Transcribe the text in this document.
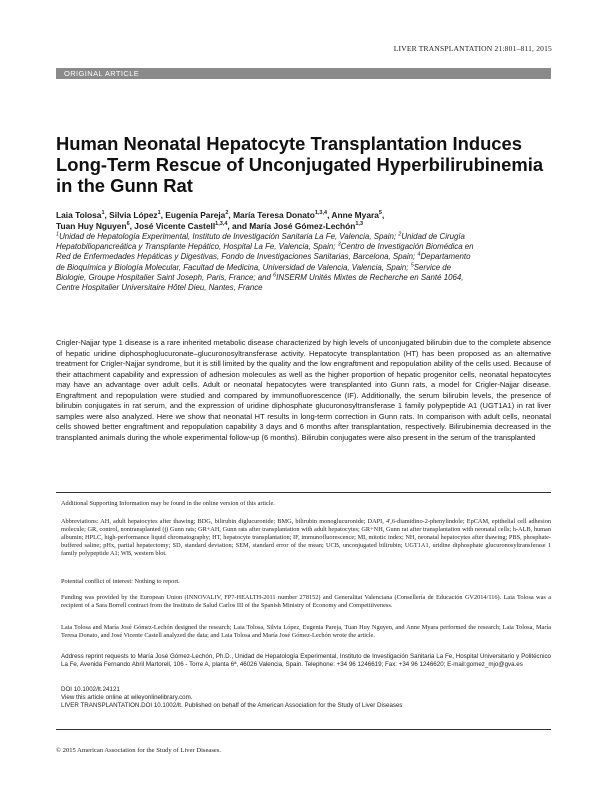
LIVER TRANSPLANTATION 21:801–811, 2015
ORIGINAL ARTICLE
Human Neonatal Hepatocyte Transplantation Induces Long-Term Rescue of Unconjugated Hyperbilirubinemia in the Gunn Rat
Laia Tolosa$^1$, Silvia López$^1$, Eugenia Pareja$^2$, María Teresa Donato$^{1,3,4}$, Anne Myara$^5$,
Tuan Huy Nguyen$^6$, José Vicente Castell$^{1,3,4}$, and María José Gómez-Lechón$^{1,3}$
$^1$Unidad de Hepatología Experimental, Instituto de Investigación Sanitaria La Fe, Valencia, Spain; $^2$Unidad de Cirugía Hepatobiliopancreática y Transplante Hepático, Hospital La Fe, Valencia, Spain; $^3$Centro de Investigación Biomédica en Red de Enfermedades Hepáticas y Digestivas, Fondo de Investigaciones Sanitarias, Barcelona, Spain; $^4$Departamento de Bioquímica y Biología Molecular, Facultad de Medicina, Universidad de Valencia, Valencia, Spain; $^5$Service de Biologie, Groupe Hospitalier Saint Joseph, Paris, France; and $^6$INSERM Unités Mixtes de Recherche en Santé 1064, Centre Hospitalier Universitaire Hôtel Dieu, Nantes, France
Crigler-Najjar type 1 disease is a rare inherited metabolic disease characterized by high levels of unconjugated bilirubin due to the complete absence of hepatic uridine diphosphoglucuronate–glucuronosyltransferase activity. Hepatocyte transplantation (HT) has been proposed as an alternative treatment for Crigler-Najjar syndrome, but it is still limited by the quality and the low engraftment and repopulation ability of the cells used. Because of their attachment capability and expression of adhesion molecules as well as the higher proportion of hepatic progenitor cells, neonatal hepatocytes may have an advantage over adult cells. Adult or neonatal hepatocytes were transplanted into Gunn rats, a model for Crigler-Najjar disease. Engraftment and repopulation were studied and compared by immunofluorescence (IF). Additionally, the serum bilirubin levels, the presence of bilirubin conjugates in rat serum, and the expression of uridine diphosphate glucuronosyltransferase 1 family polypeptide A1 (UGT1A1) in rat liver samples were also analyzed. Here we show that neonatal HT results in long-term correction in Gunn rats. In comparison with adult cells, neonatal cells showed better engraftment and repopulation capability 3 days and 6 months after transplantation, respectively. Bilirubinemia decreased in the transplanted animals during the whole experimental follow-up (6 months). Bilirubin conjugates were also present in the serum of the transplanted
Additional Supporting Information may be found in the online version of this article.
Abbreviations: AH, adult hepatocytes after thawing; BDG, bilirubin diglucuronide; BMG, bilirubin monoglucuronide; DAPI, 4',6-diamidino-2-phenylindole; EpCAM, epithelial cell adhesion molecule; GR, control, nontransplanted (j) Gunn rats; GR+AH, Gunn rats after transplantation with adult hepatocytes; GR+NH, Gunn rat after transplantation with neonatal cells; h-ALB, human albumin; HPLC, high-performance liquid chromatography; HT, hepatocyte transplantation; IF, immunofluorescence; MI, mitotic index; NH, neonatal hepatocytes after thawing; PBS, phosphate-buffered saline; pHx, partial hepatectomy; SD, standard deviation; SEM, standard error of the mean; UCB, unconjugated bilirubin; UGT1A1, uridine diphosphate glucuronosyltransferase 1 family polypeptide A1; WB, western blot.
Potential conflict of interest: Nothing to report.
Funding was provided by the European Union (INNOVALIV, FP7-HEALTH-2011 number 278152) and Generalitat Valenciana (Consellería de Educación GV2014/116). Laia Tolosa was a recipient of a Sara Borrell contract from the Instituto de Salud Carlos III of the Spanish Ministry of Economy and Competitiveness.
Laia Tolosa and María José Gómez-Lechón designed the research; Laia Tolosa, Silvia López, Eugenia Pareja, Tuan Huy Nguyen, and Anne Myara performed the research; Laia Tolosa, María Teresa Donato, and José Vicente Castell analyzed the data; and Laia Tolosa and María José Gómez-Lechón wrote the article.
Address reprint requests to María José Gómez-Lechón, Ph.D., Unidad de Hepatología Experimental, Instituto de Investigación Sanitaria La Fe, Hospital Universitario y Politécnico La Fe, Avenida Fernando Abril Martorell, 106 - Torre A, planta 6ª, 46026 Valencia, Spain. Telephone: +34 96 1246619; Fax: +34 96 1246620; E-mail:gomez_mjo@gva.es
DOI 10.1002/lt.24121
View this article online at wileyonlinelibrary.com.
LIVER TRANSPLANTATION.DOI 10.1002/lt. Published on behalf of the American Association for the Study of Liver Diseases
© 2015 American Association for the Study of Liver Diseases.
